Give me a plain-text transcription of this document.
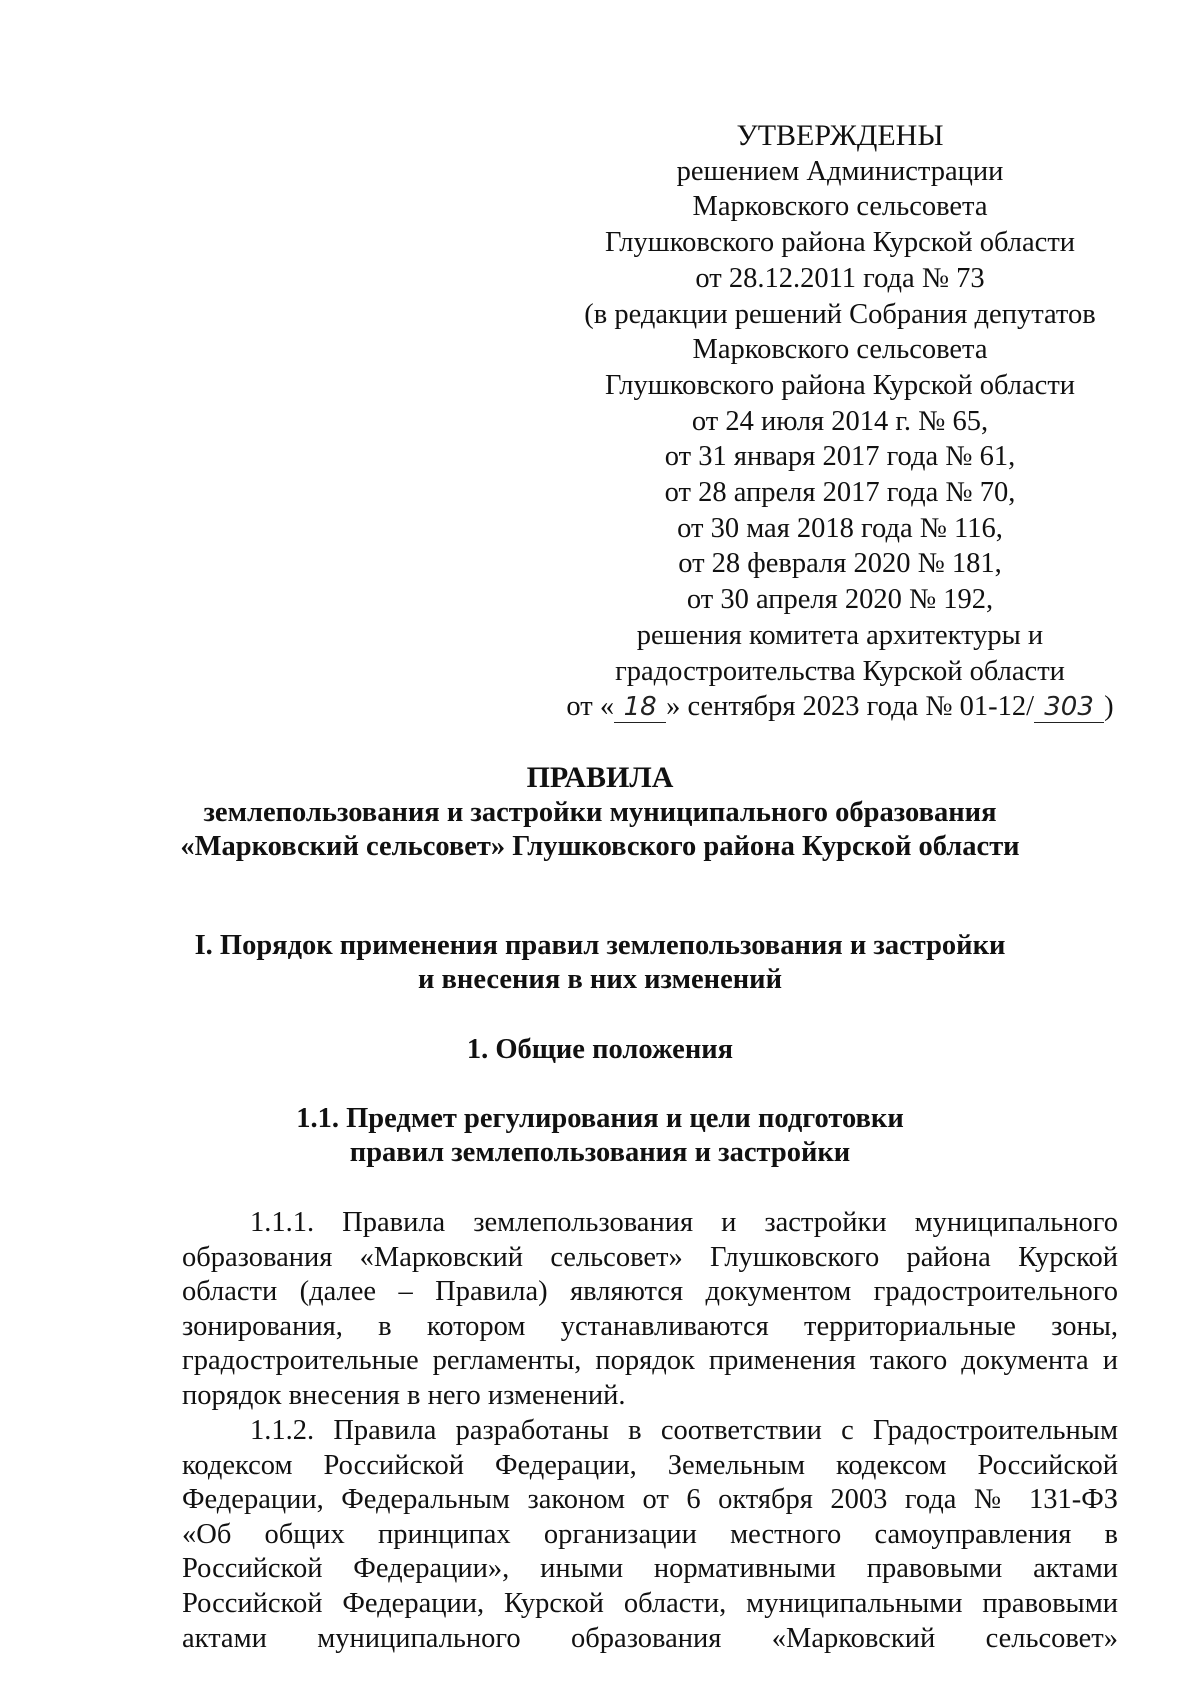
УТВЕРЖДЕНЫ
решением Администрации
Марковского сельсовета
Глушковского района Курской области
от 28.12.2011 года № 73
(в редакции решений Собрания депутатов
Марковского сельсовета
Глушковского района Курской области
от 24 июля 2014 г. № 65,
от 31 января 2017 года № 61,
от 28 апреля 2017 года № 70,
от 30 мая 2018 года № 116,
от 28 февраля 2020 № 181,
от 30 апреля 2020 № 192,
решения комитета архитектуры и
градостроительства Курской области
от « 18 » сентября 2023 года № 01-12/ 303 )
ПРАВИЛА
землепользования и застройки муниципального образования
«Марковский сельсовет» Глушковского района Курской области
I. Порядок применения правил землепользования и застройки
и внесения в них изменений
1. Общие положения
1.1. Предмет регулирования и цели подготовки
правил землепользования и застройки
1.1.1. Правила землепользования и застройки муниципального
образования «Марковский сельсовет» Глушковского района Курской
области (далее – Правила) являются документом градостроительного
зонирования, в котором устанавливаются территориальные зоны,
градостроительные регламенты, порядок применения такого документа и
порядок внесения в него изменений.
1.1.2. Правила разработаны в соответствии с Градостроительным
кодексом Российской Федерации, Земельным кодексом Российской
Федерации, Федеральным законом от 6 октября 2003 года № 131-ФЗ
«Об общих принципах организации местного самоуправления в
Российской Федерации», иными нормативными правовыми актами
Российской Федерации, Курской области, муниципальными правовыми
актами муниципального образования «Марковский сельсовет»
